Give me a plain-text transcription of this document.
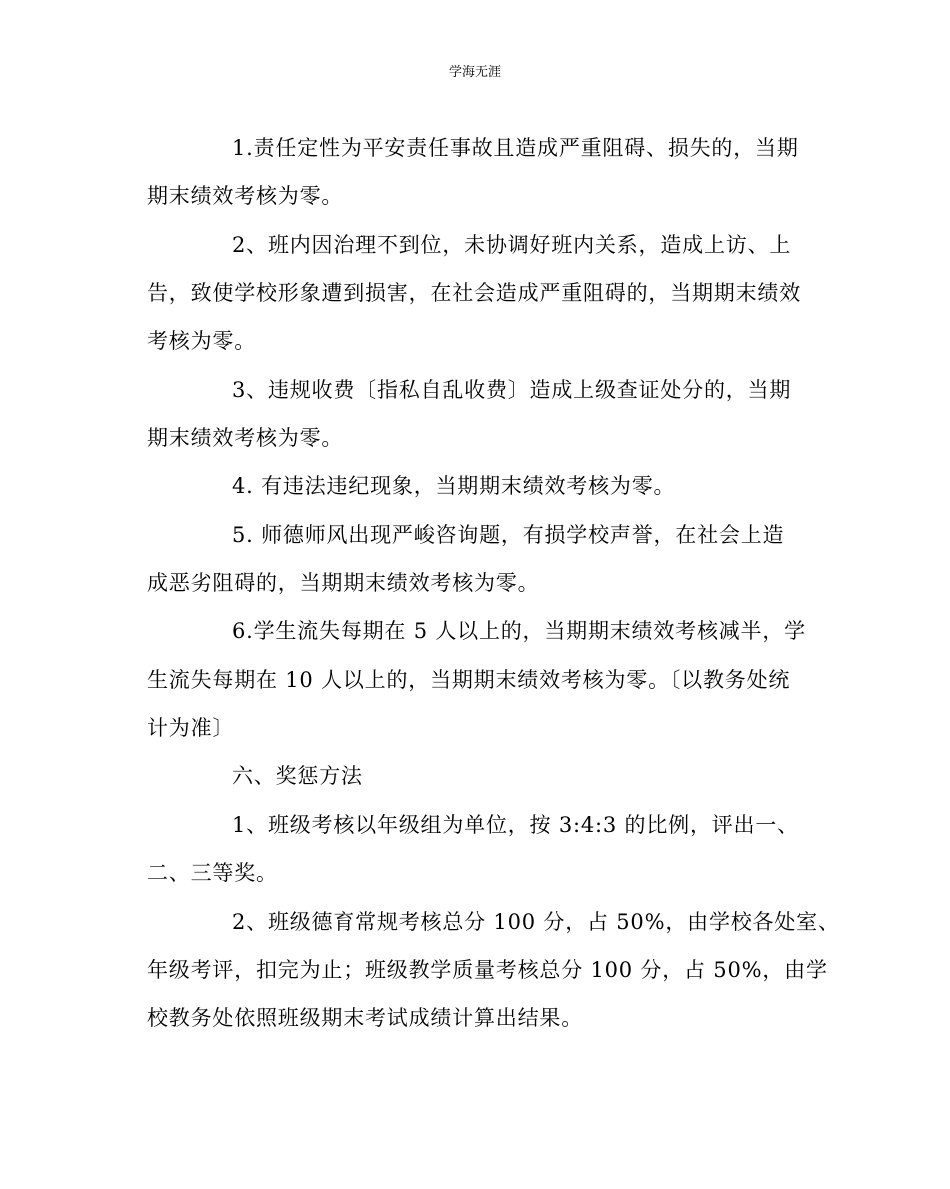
学海无涯
1.责任定性为平安责任事故且造成严重阻碍、损失的，当期
期末绩效考核为零。
2、班内因治理不到位，未协调好班内关系，造成上访、上
告，致使学校形象遭到损害，在社会造成严重阻碍的，当期期末绩效
考核为零。
3、违规收费〔指私自乱收费〕造成上级查证处分的，当期
期末绩效考核为零。
4. 有违法违纪现象，当期期末绩效考核为零。
5. 师德师风出现严峻咨询题，有损学校声誉，在社会上造
成恶劣阻碍的，当期期末绩效考核为零。
6.学生流失每期在 5 人以上的，当期期末绩效考核减半，学
生流失每期在 10 人以上的，当期期末绩效考核为零。〔以教务处统
计为准〕
六、奖惩方法
1、班级考核以年级组为单位，按 3:4:3 的比例，评出一、
二、三等奖。
2、班级德育常规考核总分 100 分，占 50%，由学校各处室、
年级考评，扣完为止；班级教学质量考核总分 100 分，占 50%，由学
校教务处依照班级期末考试成绩计算出结果。
